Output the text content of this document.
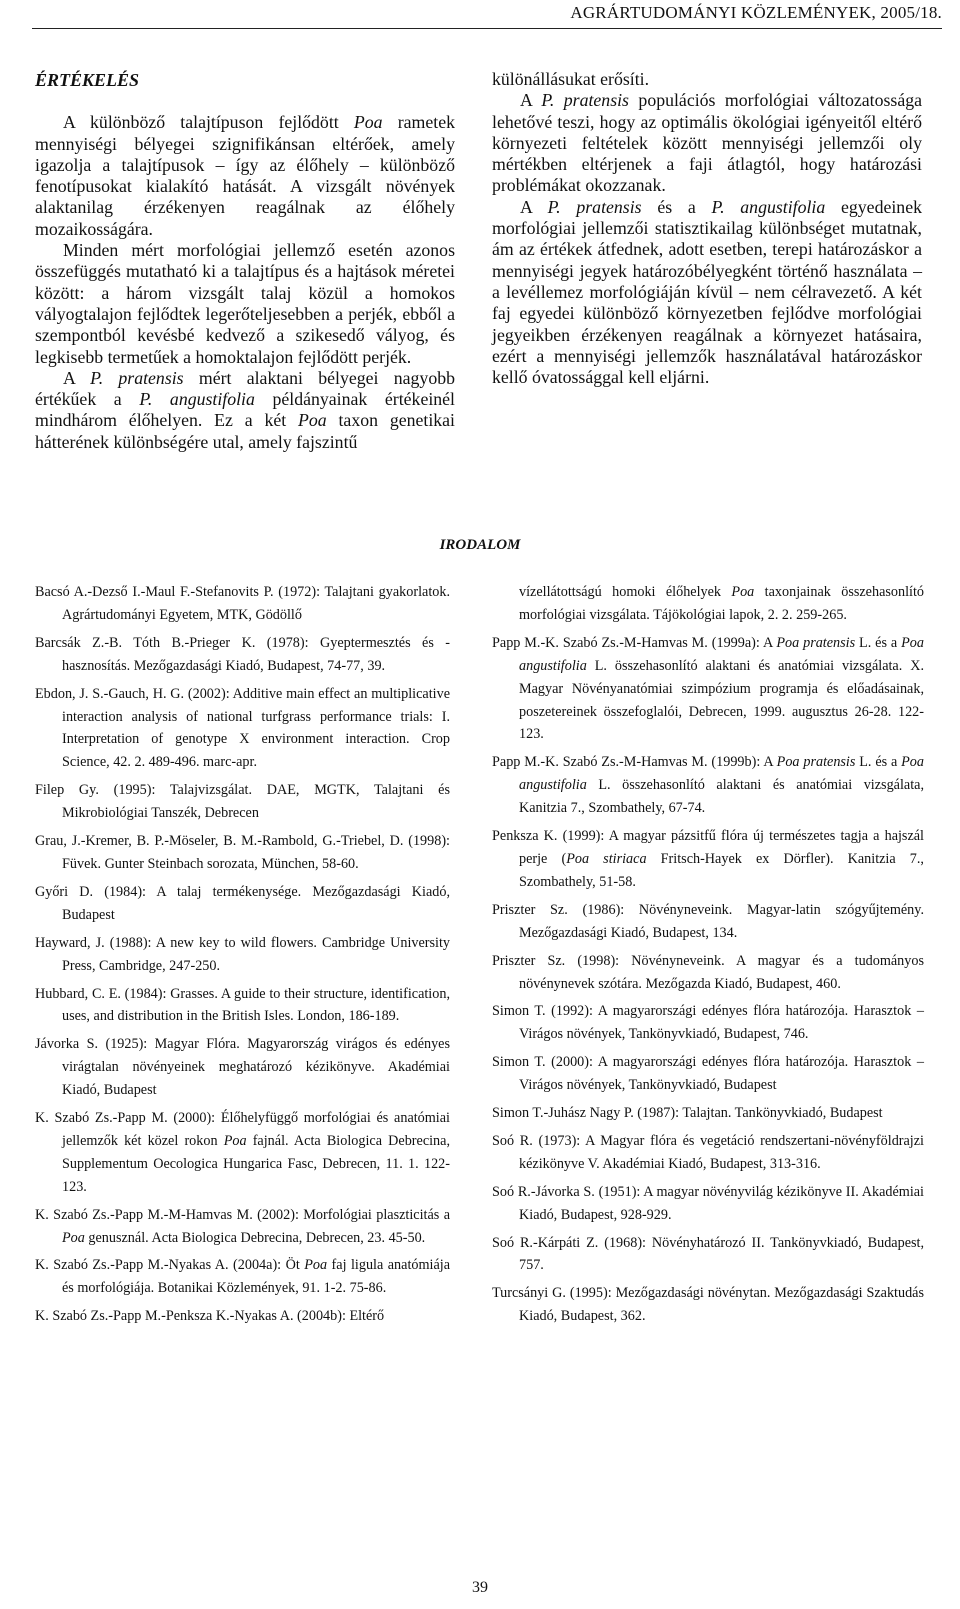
AGRÁRTUDOMÁNYI KÖZLEMÉNYEK, 2005/18.
ÉRTÉKELÉS

A különböző talajtípuson fejlődött Poa rametek mennyiségi bélyegei szignifikánsan eltérőek, amely igazolja a talajtípusok – így az élőhely – különböző fenotípusokat kialakító hatását. A vizsgált növények alaktanilag érzékenyen reagálnak az élőhely mozaikosságára.

Minden mért morfológiai jellemző esetén azonos összefüggés mutatható ki a talajtípus és a hajtások méretei között: a három vizsgált talaj közül a homokos vályogtalajon fejlődtek legerőteljesebben a perjék, ebből a szempontból kevésbé kedvező a szikesedő vályog, és legkisebb termetűek a homoktalajon fejlődött perjék.

A P. pratensis mért alaktani bélyegei nagyobb értékűek a P. angustifolia példányainak értékeinél mindhárom élőhelyen. Ez a két Poa taxon genetikai hátterének különbségére utal, amely fajszintű

különállásukat erősíti.

A P. pratensis populációs morfológiai változatossága lehetővé teszi, hogy az optimális ökológiai igényeitől eltérő környezeti feltételek között mennyiségi jellemzői oly mértékben eltérjenek a faji átlagtól, hogy határozási problémákat okozzanak.

A P. pratensis és a P. angustifolia egyedeinek morfológiai jellemzői statisztikailag különbséget mutatnak, ám az értékek átfednek, adott esetben, terepi határozáskor a mennyiségi jegyek határozóbélyegként történő használata – a levéllemez morfológiáján kívül – nem célravezető. A két faj egyedei különböző környezetben fejlődve morfológiai jegyeikben érzékenyen reagálnak a környezet hatásaira, ezért a mennyiségi jellemzők használatával határozáskor kellő óvatossággal kell eljárni.

IRODALOM
Bacsó A.-Dezső I.-Maul F.-Stefanovits P. (1972): Talajtani gyakorlatok. Agrártudományi Egyetem, MTK, Gödöllő
Barcsák Z.-B. Tóth B.-Prieger K. (1978): Gyeptermesztés és -hasznosítás. Mezőgazdasági Kiadó, Budapest, 74-77, 39.
Ebdon, J. S.-Gauch, H. G. (2002): Additive main effect an multiplicative interaction analysis of national turfgrass performance trials: I. Interpretation of genotype X environment interaction. Crop Science, 42. 2. 489-496. marc-apr.
Filep Gy. (1995): Talajvizsgálat. DAE, MGTK, Talajtani és Mikrobiológiai Tanszék, Debrecen
Grau, J.-Kremer, B. P.-Möseler, B. M.-Rambold, G.-Triebel, D. (1998): Füvek. Gunter Steinbach sorozata, München, 58-60.
Győri D. (1984): A talaj termékenysége. Mezőgazdasági Kiadó, Budapest
Hayward, J. (1988): A new key to wild flowers. Cambridge University Press, Cambridge, 247-250.
Hubbard, C. E. (1984): Grasses. A guide to their structure, identification, uses, and distribution in the British Isles. London, 186-189.
Jávorka S. (1925): Magyar Flóra. Magyarország virágos és edényes virágtalan növényeinek meghatározó kézikönyve. Akadémiai Kiadó, Budapest
K. Szabó Zs.-Papp M. (2000): Élőhelyfüggő morfológiai és anatómiai jellemzők két közel rokon Poa fajnál. Acta Biologica Debrecina, Supplementum Oecologica Hungarica Fasc, Debrecen, 11. 1. 122-123.
K. Szabó Zs.-Papp M.-M-Hamvas M. (2002): Morfológiai plaszticitás a Poa genusznál. Acta Biologica Debrecina, Debrecen, 23. 45-50.
K. Szabó Zs.-Papp M.-Nyakas A. (2004a): Öt Poa faj ligula anatómiája és morfológiája. Botanikai Közlemények, 91. 1-2. 75-86.
K. Szabó Zs.-Papp M.-Penksza K.-Nyakas A. (2004b): Eltérő
vízellátottságú homoki élőhelyek Poa taxonjainak összehasonlító morfológiai vizsgálata. Tájökológiai lapok, 2. 2. 259-265.
Papp M.-K. Szabó Zs.-M-Hamvas M. (1999a): A Poa pratensis L. és a Poa angustifolia L. összehasonlító alaktani és anatómiai vizsgálata. X. Magyar Növényanatómiai szimpózium programja és előadásainak, poszetereinek összefoglalói, Debrecen, 1999. augusztus 26-28. 122-123.
Papp M.-K. Szabó Zs.-M-Hamvas M. (1999b): A Poa pratensis L. és a Poa angustifolia L. összehasonlító alaktani és anatómiai vizsgálata, Kanitzia 7., Szombathely, 67-74.
Penksza K. (1999): A magyar pázsitfű flóra új természetes tagja a hajszál perje (Poa stiriaca Fritsch-Hayek ex Dörfler). Kanitzia 7., Szombathely, 51-58.
Priszter Sz. (1986): Növényneveink. Magyar-latin szógyűjtemény. Mezőgazdasági Kiadó, Budapest, 134.
Priszter Sz. (1998): Növényneveink. A magyar és a tudományos növénynevek szótára. Mezőgazda Kiadó, Budapest, 460.
Simon T. (1992): A magyarországi edényes flóra határozója. Harasztok – Virágos növények, Tankönyvkiadó, Budapest, 746.
Simon T. (2000): A magyarországi edényes flóra határozója. Harasztok – Virágos növények, Tankönyvkiadó, Budapest
Simon T.-Juhász Nagy P. (1987): Talajtan. Tankönyvkiadó, Budapest
Soó R. (1973): A Magyar flóra és vegetáció rendszertani-növényföldrajzi kézikönyve V. Akadémiai Kiadó, Budapest, 313-316.
Soó R.-Jávorka S. (1951): A magyar növényvilág kézikönyve II. Akadémiai Kiadó, Budapest, 928-929.
Soó R.-Kárpáti Z. (1968): Növényhatározó II. Tankönyvkiadó, Budapest, 757.
Turcsányi G. (1995): Mezőgazdasági növénytan. Mezőgazdasági Szaktudás Kiadó, Budapest, 362.
39
